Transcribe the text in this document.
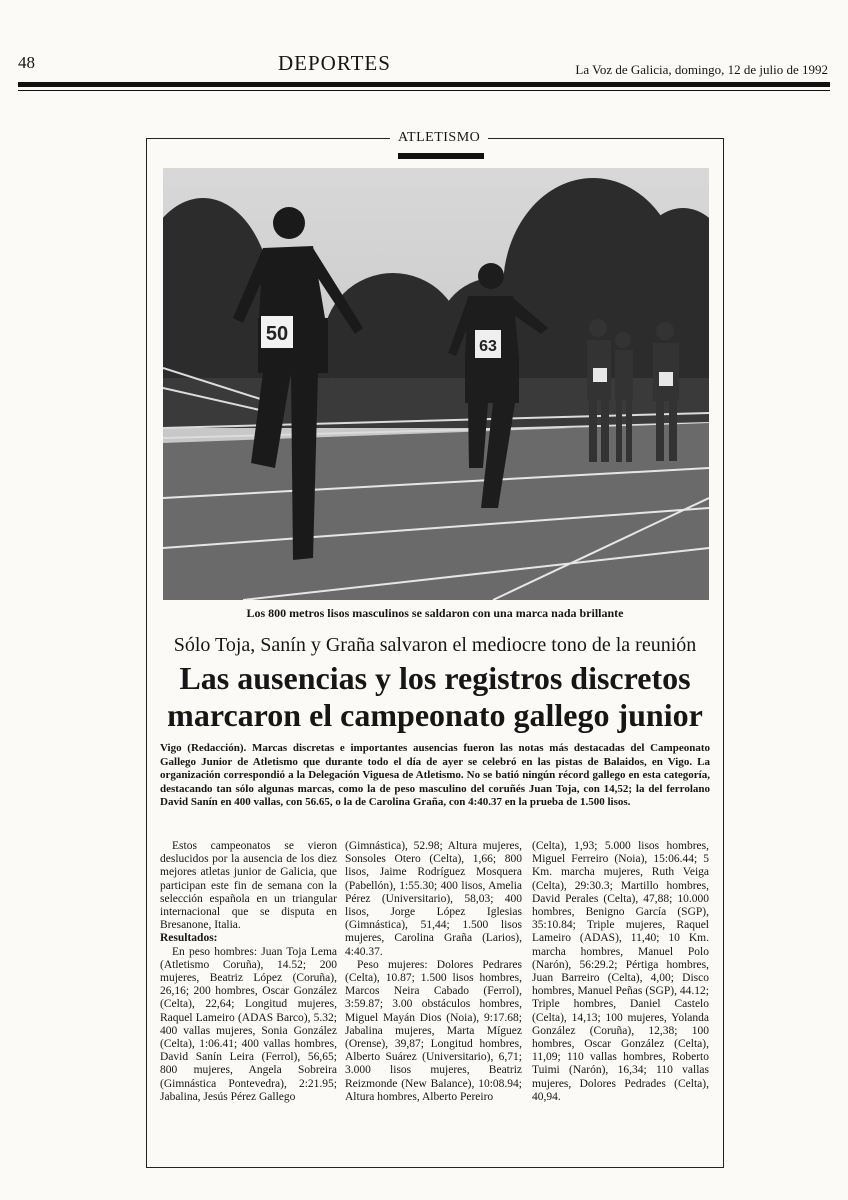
48	DEPORTES	La Voz de Galicia, domingo, 12 de julio de 1992
ATLETISMO
50
63
Los 800 metros lisos masculinos se saldaron con una marca nada brillante
Sólo Toja, Sanín y Graña salvaron el mediocre tono de la reunión
Las ausencias y los registros discretos marcaron el campeonato gallego junior
Vigo (Redacción). Marcas discretas e importantes ausencias fueron las notas más destacadas del Campeonato Gallego Junior de Atletismo que durante todo el día de ayer se celebró en las pistas de Balaidos, en Vigo. La organización correspondió a la Delegación Viguesa de Atletismo. No se batió ningún récord gallego en esta categoría, destacando tan sólo algunas marcas, como la de peso masculino del coruñés Juan Toja, con 14,52; la del ferrolano David Sanín en 400 vallas, con 56.65, o la de Carolina Graña, con 4:40.37 en la prueba de 1.500 lisos.

Estos campeonatos se vieron deslucidos por la ausencia de los diez mejores atletas junior de Galicia, que participan este fin de semana con la selección española en un triangular internacional que se disputa en Bresanone, Italia.

Resultados:

En peso hombres: Juan Toja Lema (Atletismo Coruña), 14.52; 200 mujeres, Beatriz López (Coruña), 26,16; 200 hombres, Oscar González (Celta), 22,64; Longitud mujeres, Raquel Lameiro (ADAS Barco), 5.32; 400 vallas mujeres, Sonia González (Celta), 1:06.41; 400 vallas hombres, David Sanín Leira (Ferrol), 56,65; 800 mujeres, Angela Sobreira (Gimnástica Pontevedra), 2:21.95; Jabalina, Jesús Pérez Gallego

(Gimnástica), 52.98; Altura mujeres, Sonsoles Otero (Celta), 1,66; 800 lisos, Jaime Rodríguez Mosquera (Pabellón), 1:55.30; 400 lisos, Amelia Pérez (Universitario), 58,03; 400 lisos, Jorge López Iglesias (Gimnástica), 51,44; 1.500 lisos mujeres, Carolina Graña (Larios), 4:40.37.

Peso mujeres: Dolores Pedrares (Celta), 10.87; 1.500 lisos hombres, Marcos Neira Cabado (Ferrol), 3:59.87; 3.00 obstáculos hombres, Miguel Mayán Dios (Noia), 9:17.68; Jabalina mujeres, Marta Míguez (Orense), 39,87; Longitud hombres, Alberto Suárez (Universitario), 6,71; 3.000 lisos mujeres, Beatriz Reizmonde (New Balance), 10:08.94; Altura hombres, Alberto Pereiro

(Celta), 1,93; 5.000 lisos hombres, Miguel Ferreiro (Noia), 15:06.44; 5 Km. marcha mujeres, Ruth Veiga (Celta), 29:30.3; Martillo hombres, David Perales (Celta), 47,88; 10.000 hombres, Benigno García (SGP), 35:10.84; Triple mujeres, Raquel Lameiro (ADAS), 11,40; 10 Km. marcha hombres, Manuel Polo (Narón), 56:29.2; Pértiga hombres, Juan Barreiro (Celta), 4,00; Disco hombres, Manuel Peñas (SGP), 44.12; Triple hombres, Daniel Castelo (Celta), 14,13; 100 mujeres, Yolanda González (Coruña), 12,38; 100 hombres, Oscar González (Celta), 11,09; 110 vallas hombres, Roberto Tuimi (Narón), 16,34; 110 vallas mujeres, Dolores Pedrades (Celta), 40,94.
